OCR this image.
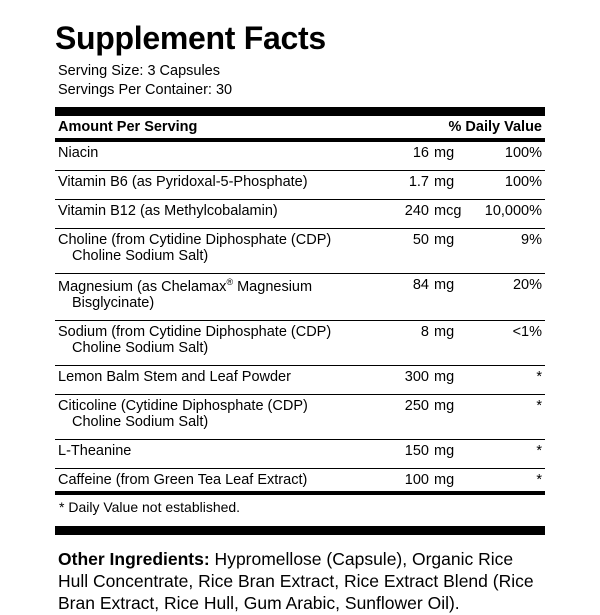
Supplement Facts
Serving Size: 3 Capsules
Servings Per Container: 30
Amount Per Serving		% Daily Value
Niacin	16 mg	100%

Vitamin B6 (as Pyridoxal-5-Phosphate)	1.7 mg	100%

Vitamin B12 (as Methylcobalamin)	240 mcg	10,000%

Choline (from Cytidine Diphosphate (CDP)
Choline Sodium Salt)	50 mg	9%

Magnesium (as Chelamax® Magnesium
Bisglycinate)	84 mg	20%

Sodium (from Cytidine Diphosphate (CDP)
Choline Sodium Salt)	8 mg	<1%

Lemon Balm Stem and Leaf Powder	300 mg	*

Citicoline (Cytidine Diphosphate (CDP)
Choline Sodium Salt)	250 mg	*

L-Theanine	150 mg	*

Caffeine (from Green Tea Leaf Extract)	100 mg	*
* Daily Value not established.
Other Ingredients: Hypromellose (Capsule), Organic Rice Hull Concentrate, Rice Bran Extract, Rice Extract Blend (Rice Bran Extract, Rice Hull, Gum Arabic, Sunflower Oil).
